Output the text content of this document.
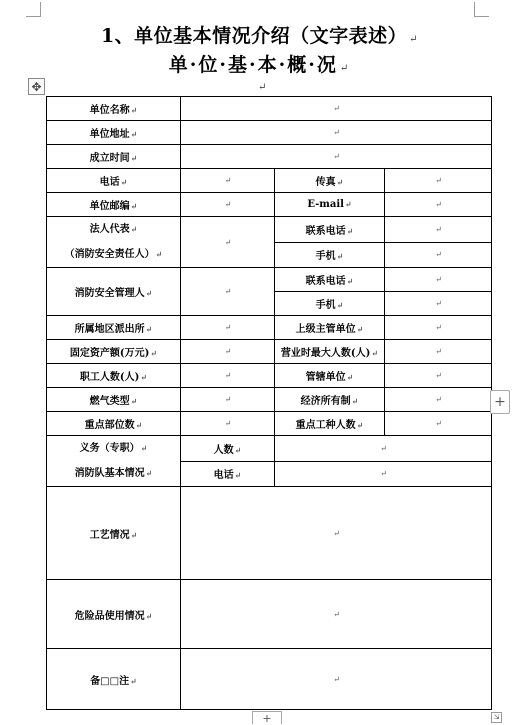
1、单位基本情况介绍（文字表述） ↵
单·位·基·本·概·况 ↵
↵
✥
单位名称↵	↵		
单位地址↵	↵		
成立时间↵	↵		
电话↵	↵	传真↵	↵
单位邮编↵	↵	E-mail↵	↵

法人代表↵
（消防安全责任人）↵	↵	联系电话↵	↵
		手机↵	↵
消防安全管理人↵	↵	联系电话↵	↵
		手机↵	↵
所属地区派出所↵	↵	上级主管单位↵	↵
固定资产额(万元)↵	↵	营业时最大人数(人)↵	↵
职工人数(人)↵	↵	管辖单位↵	↵
燃气类型↵	↵	经济所有制↵	↵
重点部位数↵	↵	重点工种人数↵	↵

义务（专职）↵
消防队基本情况↵	人数↵	↵	
	电话↵	↵	
工艺情况↵	↵		
危险品使用情况↵	↵		
备□□注↵	↵		
+
+	⇲
